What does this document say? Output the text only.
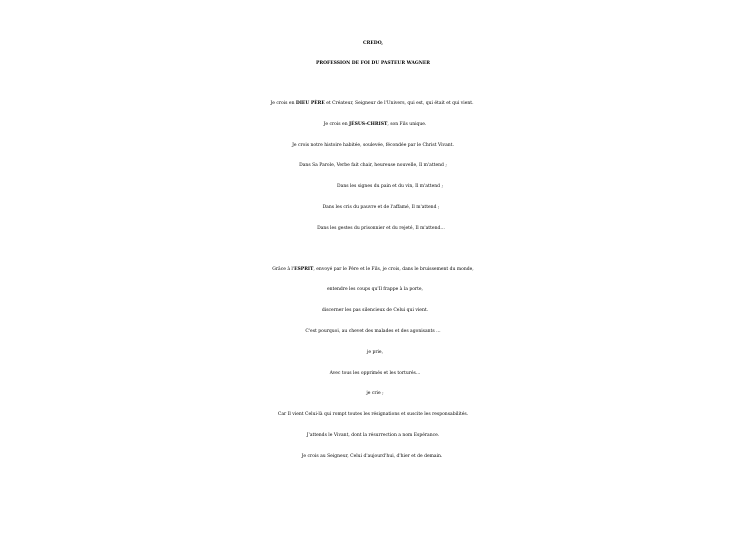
CREDO,

PROFESSION DE FOI DU PASTEUR WAGNER

Je crois en DIEU PÈRE et Créateur, Seigneur de l'Univers, qui est, qui était et qui vient.

Je crois en JÉSUS-CHRIST, son Fils unique.

Je crois notre histoire habitée, soulevée, fécondée par le Christ Vivant.

Dans Sa Parole, Verbe fait chair, heureuse nouvelle, Il m'attend ;

Dans les signes du pain et du vin, Il m'attend ;

Dans les cris du pauvre et de l'affamé, Il m'attend ;

Dans les gestes du prisonnier et du rejeté, Il m'attend…

Grâce à l'ESPRIT, envoyé par le Père et le Fils, je crois, dans le bruissement du monde,

entendre les coups qu'Il frappe à la porte,

discerner les pas silencieux de Celui qui vient.

C'est pourquoi, au chevet des malades et des agonisants …

je prie,

Avec tous les opprimés et les torturés…

je crie ;

Car Il vient Celui-là qui rompt toutes les résignations et suscite les responsabilités.

J'attends le Vivant, dont la résurrection a nom Espérance.

Je crois au Seigneur, Celui d'aujourd'hui, d'hier et de demain.
